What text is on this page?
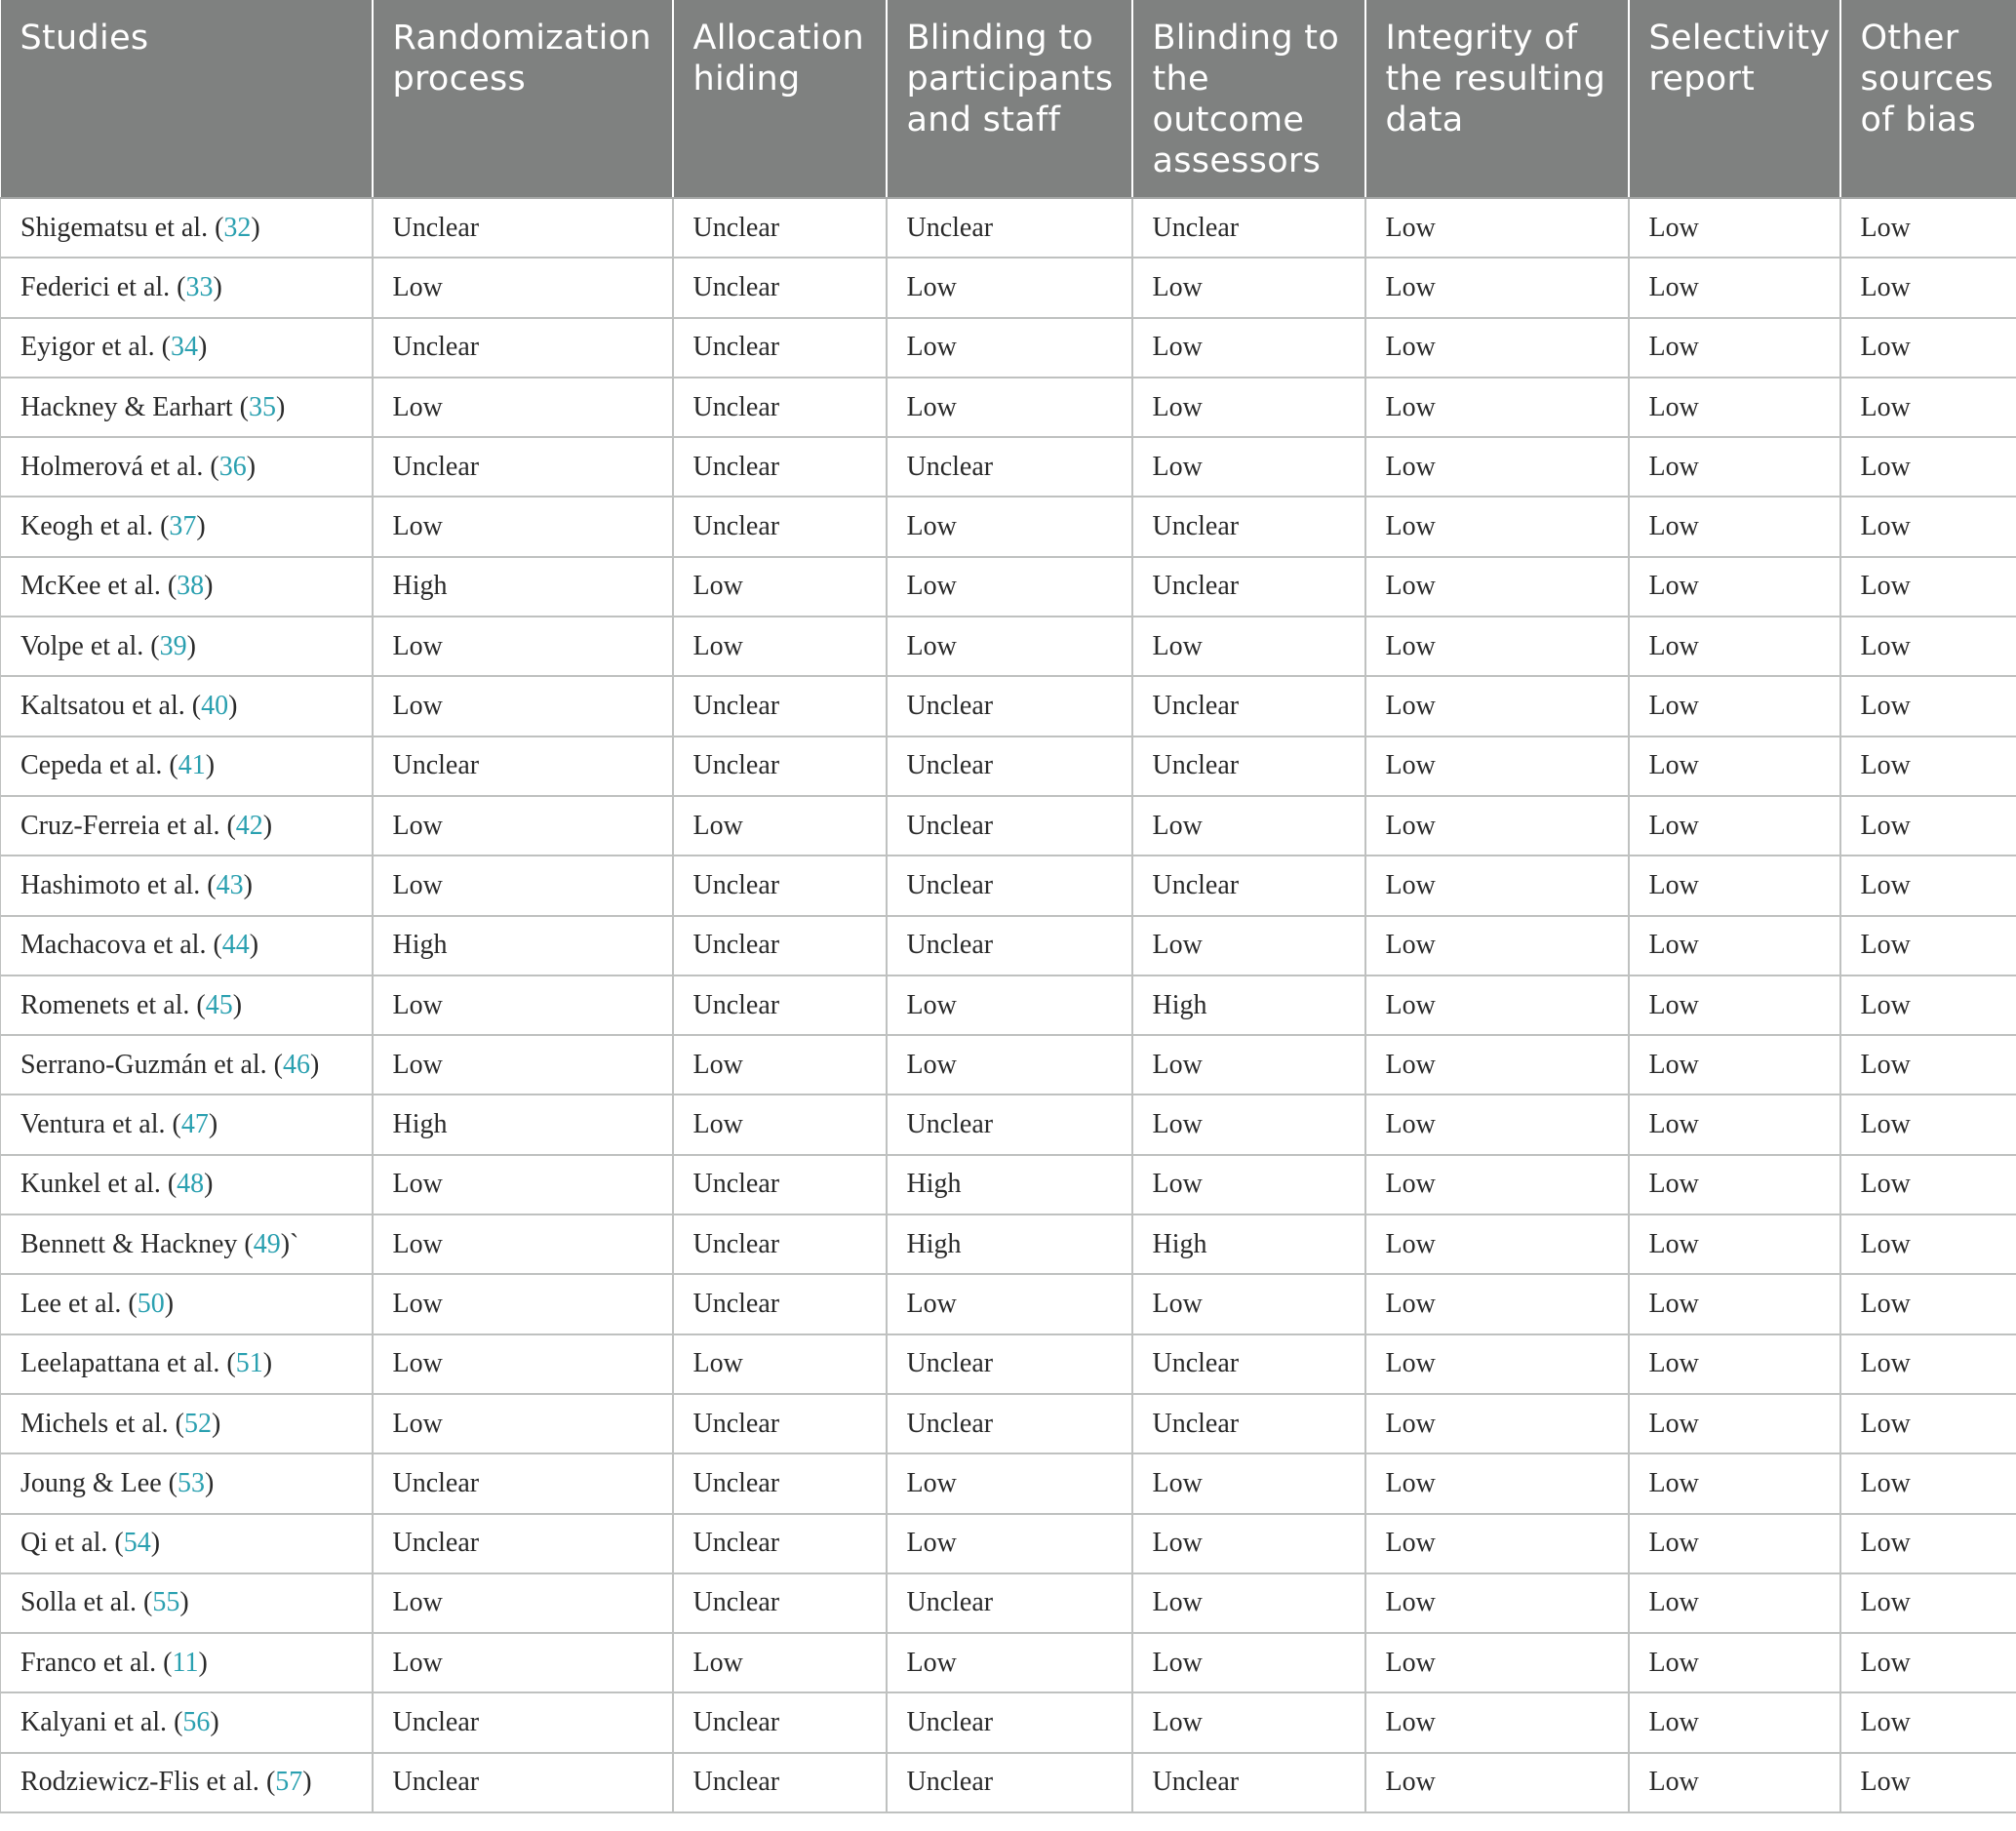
Studies	Randomization process	Allocation hiding	Blinding to participants and staff	Blinding to the outcome assessors	Integrity of the resulting data	Selectivity report	Other sources of bias
Shigematsu et al. (32)	Unclear	Unclear	Unclear	Unclear	Low	Low	Low
Federici et al. (33)	Low	Unclear	Low	Low	Low	Low	Low
Eyigor et al. (34)	Unclear	Unclear	Low	Low	Low	Low	Low
Hackney & Earhart (35)	Low	Unclear	Low	Low	Low	Low	Low
Holmerová et al. (36)	Unclear	Unclear	Unclear	Low	Low	Low	Low
Keogh et al. (37)	Low	Unclear	Low	Unclear	Low	Low	Low
McKee et al. (38)	High	Low	Low	Unclear	Low	Low	Low
Volpe et al. (39)	Low	Low	Low	Low	Low	Low	Low
Kaltsatou et al. (40)	Low	Unclear	Unclear	Unclear	Low	Low	Low
Cepeda et al. (41)	Unclear	Unclear	Unclear	Unclear	Low	Low	Low
Cruz-Ferreia et al. (42)	Low	Low	Unclear	Low	Low	Low	Low
Hashimoto et al. (43)	Low	Unclear	Unclear	Unclear	Low	Low	Low
Machacova et al. (44)	High	Unclear	Unclear	Low	Low	Low	Low
Romenets et al. (45)	Low	Unclear	Low	High	Low	Low	Low
Serrano-Guzmán et al. (46)	Low	Low	Low	Low	Low	Low	Low
Ventura et al. (47)	High	Low	Unclear	Low	Low	Low	Low
Kunkel et al. (48)	Low	Unclear	High	Low	Low	Low	Low
Bennett & Hackney (49)`	Low	Unclear	High	High	Low	Low	Low
Lee et al. (50)	Low	Unclear	Low	Low	Low	Low	Low
Leelapattana et al. (51)	Low	Low	Unclear	Unclear	Low	Low	Low
Michels et al. (52)	Low	Unclear	Unclear	Unclear	Low	Low	Low
Joung & Lee (53)	Unclear	Unclear	Low	Low	Low	Low	Low
Qi et al. (54)	Unclear	Unclear	Low	Low	Low	Low	Low
Solla et al. (55)	Low	Unclear	Unclear	Low	Low	Low	Low
Franco et al. (11)	Low	Low	Low	Low	Low	Low	Low
Kalyani et al. (56)	Unclear	Unclear	Unclear	Low	Low	Low	Low
Rodziewicz-Flis et al. (57)	Unclear	Unclear	Unclear	Unclear	Low	Low	Low
